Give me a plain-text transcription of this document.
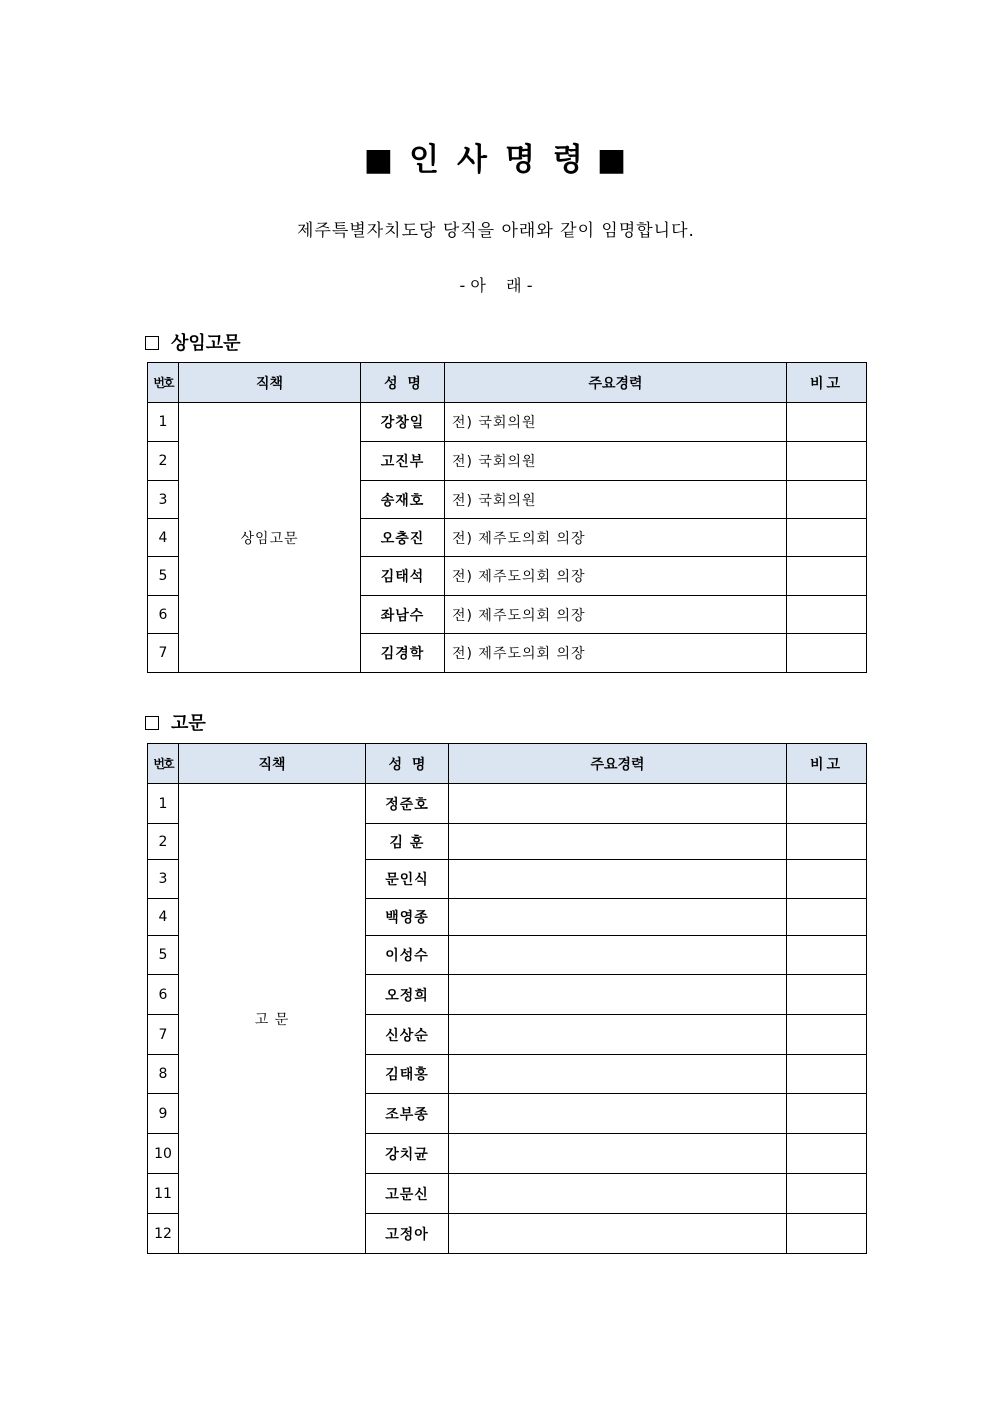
■ 인사명령■
제주특별자치도당 당직을 아래와 같이 임명합니다.
- 아    래 -
상임고문
번호	직책	성  명	주요경력	비고
1	상임고문	강창일	전) 국회의원	
2		고진부	전) 국회의원	
3		송재호	전) 국회의원	
4		오충진	전) 제주도의회 의장	
5		김태석	전) 제주도의회 의장	
6		좌남수	전) 제주도의회 의장	
7		김경학	전) 제주도의회 의장	
고문
번호	직책	성  명	주요경력	비고
1	고 문	정준호		
2		김 훈		
3		문인식		
4		백영종		
5		이성수		
6		오정희		
7		신상순		
8		김태홍		
9		조부종		
10		강치균		
11		고문신		
12		고정아		
